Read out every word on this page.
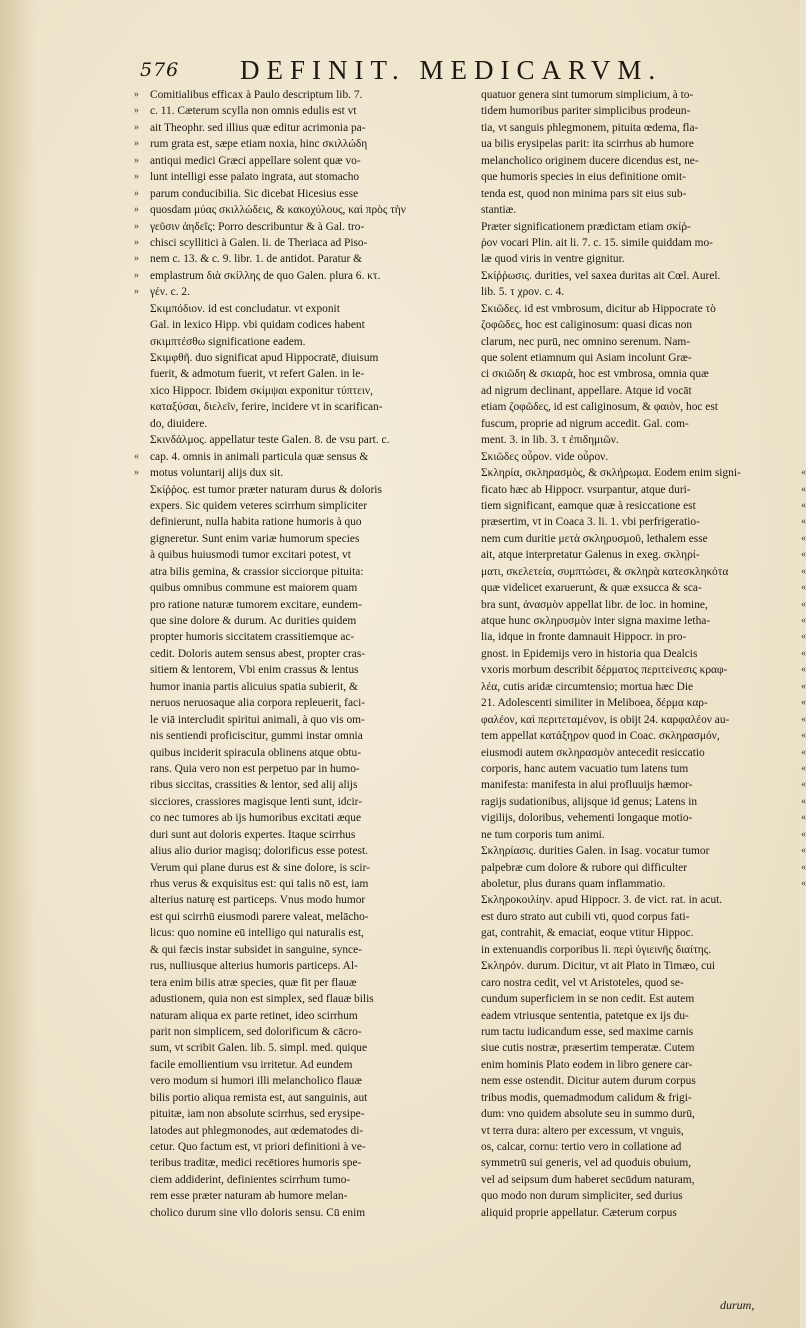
576 DEFINIT. MEDICARVM.
» Comitialibus efficax à Paulo descriptum lib. 7.
» c. 11. Cæterum scylla non omnis edulis est vt
» ait Theophr. sed illius quæ editur acrimonia pa-
» rum grata est, sæpe etiam noxia, hinc σκιλλώδη
» antiqui medici Græci appellare solent quæ vo-
» lunt intelligi esse palato ingrata, aut stomacho
» parum conducibilia. Sic dicebat Hicesius esse
» quosdam μύας σκιλλώδεις, & κακοχύλους, καὶ πρὸς τὴν
» γεῦσιν ἀηδεῖς: Porro describuntur & à Gal. tro-
» chisci scyllitici à Galen. li. de Theriaca ad Piso-
» nem c. 13. & c. 9. libr. 1. de antidot. Paratur &
» emplastrum διὰ σκίλλης de quo Galen. plura 6. κτ.
» γέν. c. 2.
Σκιμπόδιον. id est concludatur. vt exponit
Gal. in lexico Hipp. vbi quidam codices habent
σκιμπτέσθω significatione eadem.
Σκιμφθῆ. duo significat apud Hippocratē, diuisum
fuerit, & admotum fuerit, vt refert Galen. in le-
xico Hippocr. Ibidem σκίμψαι exponitur τύπτειν,
καταξύσαι, διελεῖν, ferire, incidere vt in scarifican-
do, diuidere.
Σκινδάλμος. appellatur teste Galen. 8. de vsu part. c.
« cap. 4. omnis in animali particula quæ sensus &
» motus voluntarij alijs dux sit.
Σκίῤῥος. est tumor præter naturam durus & doloris
expers. Sic quidem veteres scirrhum simpliciter
definierunt, nulla habita ratione humoris à quo
gigneretur. Sunt enim variæ humorum species
à quibus huiusmodi tumor excitari potest, vt
atra bilis gemina, & crassior sicciorque pituita:
quibus omnibus commune est maiorem quam
pro ratione naturæ tumorem excitare, eundem-
que sine dolore & durum. Ac durities quidem
propter humoris siccitatem crassitiemque ac-
cedit. Doloris autem sensus abest, propter cras-
sitiem & lentorem, Vbi enim crassus & lentus
humor inania partis alicuius spatia subierit, &
neruos neruosaque alia corpora repleuerit, faci-
le viā intercludit spiritui animali, à quo vis om-
nis sentiendi proficiscitur, gummi instar omnia
quibus inciderit spiracula oblinens atque obtu-
rans. Quia vero non est perpetuo par in humo-
ribus siccitas, crassities & lentor, sed alij alijs
sicciores, crassiores magisque lenti sunt, idcir-
co nec tumores ab ijs humoribus excitati æque
duri sunt aut doloris expertes. Itaque scirrhus
alius alio durior magisq; dolorificus esse potest.
Verum qui plane durus est & sine dolore, is scir-
rhus verus & exquisitus est: qui talis nō est, iam
alterius naturę est particeps. Vnus modo humor
est qui scirrhū eiusmodi parere valeat, melācho-
licus: quo nomine eū intelligo qui naturalis est,
& qui fæcis instar subsidet in sanguine, synce-
rus, nulliusque alterius humoris particeps. Al-
tera enim bilis atræ species, quæ fit per flauæ
adustionem, quia non est simplex, sed flauæ bilis
naturam aliqua ex parte retinet, ideo scirrhum
parit non simplicem, sed dolorificum & cācro-
sum, vt scribit Galen. lib. 5. simpl. med. quique
facile emollientium vsu irritetur. Ad eundem
vero modum si humori illi melancholico flauæ
bilis portio aliqua remista est, aut sanguinis, aut
pituitæ, iam non absolute scirrhus, sed erysipe-
latodes aut phlegmonodes, aut œdematodes di-
cetur. Quo factum est, vt priori definitioni à ve-
teribus traditæ, medici recētiores humoris spe-
ciem addiderint, definientes scirrhum tumo-
rem esse præter naturam ab humore melan-
cholico durum sine vllo doloris sensu. Cū enim
quatuor genera sint tumorum simplicium, à to-
tidem humoribus pariter simplicibus prodeun-
tia, vt sanguis phlegmonem, pituita œdema, fla-
ua bilis erysipelas parit: ita scirrhus ab humore
melancholico originem ducere dicendus est, ne-
que humoris species in eius definitione omit-
tenda est, quod non minima pars sit eius sub-
stantiæ.
Præter significationem prædictam etiam σκίῤ-
ῥον vocari Plin. ait li. 7. c. 15. simile quiddam mo-
læ quod viris in ventre gignitur.
Σκίῤῥωσις. durities, vel saxea duritas ait Cœl. Aurel.
lib. 5. τ χρον. c. 4.
Σκιῶδες. id est vmbrosum, dicitur ab Hippocrate τὸ
ζοφῶδες, hoc est caliginosum: quasi dicas non
clarum, nec purū, nec omnino serenum. Nam-
que solent etiamnum qui Asiam incolunt Græ-
ci σκιῶδη & σκιαρὰ, hoc est vmbrosa, omnia quæ
ad nigrum declinant, appellare. Atque id vocāt
etiam ζοφῶδες, id est caliginosum, & φαιὸν, hoc est
fuscum, proprie ad nigrum accedit. Gal. com-
ment. 3. in lib. 3. τ ἐπιδημιῶν.
Σκιῶδες οὖρον. vide οὖρον.
«
Σκληρία, σκληρασμὸς, & σκλήρωμα. Eodem enim signi-
«
ficato hæc ab Hippocr. vsurpantur, atque duri-
«
tiem significant, eamque quæ à resiccatione est
«
præsertim, vt in Coaca 3. li. 1. vbi perfrigeratio-
«
nem cum duritie μετὰ σκληρυσμοῦ, lethalem esse
«
ait, atque interpretatur Galenus in exeg. σκληρί-
«
ματι, σκελετεία, συμπτώσει, & σκληρὰ κατεσκληκότα
«
quæ videlicet exaruerunt, & quæ exsucca & sca-
«
bra sunt, ἀνασμὸν appellat libr. de loc. in homine,
«
atque hunc σκληρυσμὸν inter signa maxime letha-
«
lia, idque in fronte damnauit Hippocr. in pro-
«
gnost. in Epidemijs vero in historia qua Dealcis
«
vxoris morbum describit δέρματος περιτείνεσις κραφ-
«
λέα, cutis aridæ circumtensio; mortua hæc Die
«
21. Adolescenti similiter in Meliboea, δέρμα καρ-
«
φαλέον, καὶ περιτεταμένον, is obijt 24. καρφαλέον au-
«
tem appellat κατάξηρον quod in Coac. σκληρασμόν,
«
eiusmodi autem σκληρασμὸν antecedit resiccatio
«
corporis, hanc autem vacuatio tum latens tum
«
manifesta: manifesta in alui profluuijs hæmor-
«
ragijs sudationibus, alijsque id genus; Latens in
«
vigilijs, doloribus, vehementi longaque motio-
«
ne tum corporis tum animi.
«
Σκληρίασις. durities Galen. in Isag. vocatur tumor
«
palpebræ cum dolore & rubore qui difficulter
«
aboletur, plus durans quam inflammatio.
Σκληροκοιλίην. apud Hippocr. 3. de vict. rat. in acut.
est duro strato aut cubili vti, quod corpus fati-
gat, contrahit, & emaciat, eoque vtitur Hippoc.
in extenuandis corporibus li. περὶ ὑγιεινῆς διαίτης.
Σκληρόν. durum. Dicitur, vt ait Plato in Timæo, cui
caro nostra cedit, vel vt Aristoteles, quod se-
cundum superficiem in se non cedit. Est autem
eadem vtriusque sententia, patetque ex ijs du-
rum tactu iudicandum esse, sed maxime carnis
siue cutis nostræ, præsertim temperatæ. Cutem
enim hominis Plato eodem in libro genere car-
nem esse ostendit. Dicitur autem durum corpus
tribus modis, quemadmodum calidum & frigi-
dum: vno quidem absolute seu in summo durū,
vt terra dura: altero per excessum, vt vnguis,
os, calcar, cornu: tertio vero in collatione ad
symmetrū sui generis, vel ad quoduis obuium,
vel ad seipsum dum haberet secūdum naturam,
quo modo non durum simpliciter, sed durius
aliquid proprie appellatur. Cæterum corpus
durum,
